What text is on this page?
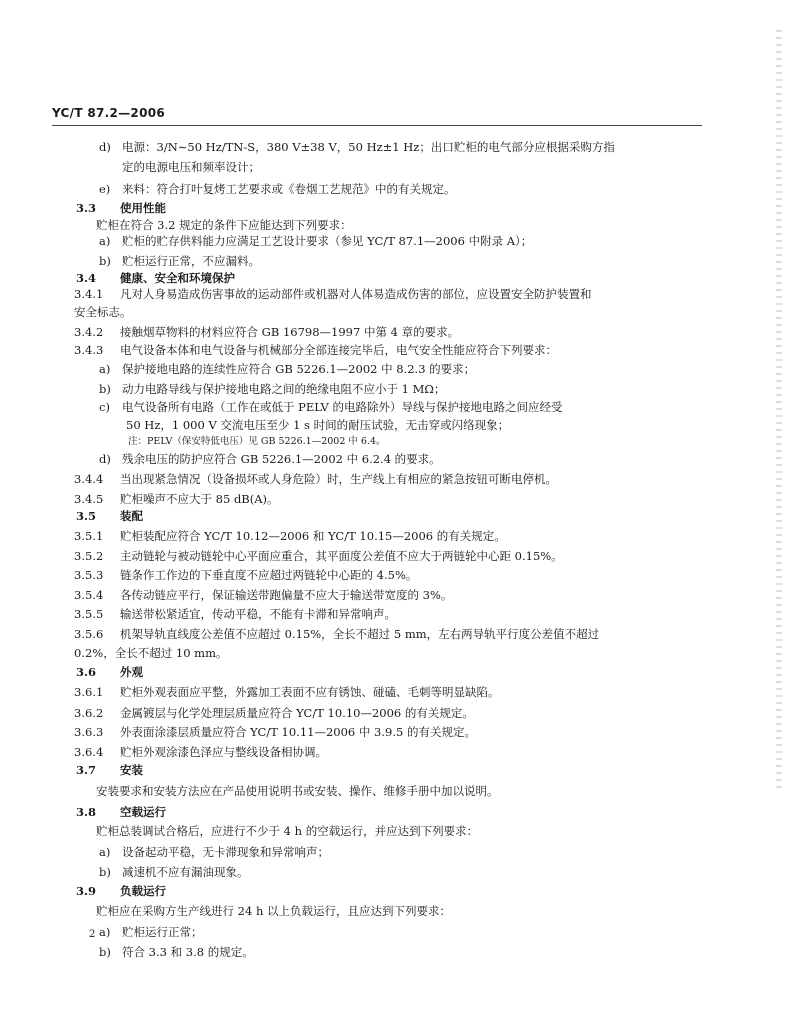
YC/T 87.2—2006
d) 电源：3/N∼50 Hz/TN-S，380 V±38 V，50 Hz±1 Hz；出口贮柜的电气部分应根据采购方指
定的电源电压和频率设计；
e) 来料：符合打叶复烤工艺要求或《卷烟工艺规范》中的有关规定。
3.3 使用性能
贮柜在符合 3.2 规定的条件下应能达到下列要求：
a) 贮柜的贮存供料能力应满足工艺设计要求（参见 YC/T 87.1—2006 中附录 A）；
b) 贮柜运行正常，不应漏料。
3.4 健康、安全和环境保护
3.4.1 凡对人身易造成伤害事故的运动部件或机器对人体易造成伤害的部位，应设置安全防护装置和
安全标志。
3.4.2 接触烟草物料的材料应符合 GB 16798—1997 中第 4 章的要求。
3.4.3 电气设备本体和电气设备与机械部分全部连接完毕后，电气安全性能应符合下列要求：
a) 保护接地电路的连续性应符合 GB 5226.1—2002 中 8.2.3 的要求；
b) 动力电路导线与保护接地电路之间的绝缘电阻不应小于 1 MΩ；
c) 电气设备所有电路（工作在或低于 PELV 的电路除外）导线与保护接地电路之间应经受
50 Hz，1 000 V 交流电压至少 1 s 时间的耐压试验，无击穿或闪络现象；
注：PELV（保安特低电压）见 GB 5226.1—2002 中 6.4。
d) 残余电压的防护应符合 GB 5226.1—2002 中 6.2.4 的要求。
3.4.4 当出现紧急情况（设备损坏或人身危险）时，生产线上有相应的紧急按钮可断电停机。
3.4.5 贮柜噪声不应大于 85 dB(A)。
3.5 装配
3.5.1 贮柜装配应符合 YC/T 10.12—2006 和 YC/T 10.15—2006 的有关规定。
3.5.2 主动链轮与被动链轮中心平面应重合，其平面度公差值不应大于两链轮中心距 0.15%。
3.5.3 链条作工作边的下垂直度不应超过两链轮中心距的 4.5%。
3.5.4 各传动链应平行，保证输送带跑偏量不应大于输送带宽度的 3%。
3.5.5 输送带松紧适宜，传动平稳，不能有卡滞和异常响声。
3.5.6 机架导轨直线度公差值不应超过 0.15%，全长不超过 5 mm，左右两导轨平行度公差值不超过
0.2%，全长不超过 10 mm。
3.6 外观
3.6.1 贮柜外观表面应平整，外露加工表面不应有锈蚀、碰磕、毛刺等明显缺陷。
3.6.2 金属镀层与化学处理层质量应符合 YC/T 10.10—2006 的有关规定。
3.6.3 外表面涂漆层质量应符合 YC/T 10.11—2006 中 3.9.5 的有关规定。
3.6.4 贮柜外观涂漆色泽应与整线设备相协调。
3.7 安装
安装要求和安装方法应在产品使用说明书或安装、操作、维修手册中加以说明。
3.8 空载运行
贮柜总装调试合格后，应进行不少于 4 h 的空载运行，并应达到下列要求：
a) 设备起动平稳，无卡滞现象和异常响声；
b) 减速机不应有漏油现象。
3.9 负载运行
贮柜应在采购方生产线进行 24 h 以上负载运行，且应达到下列要求：
a) 贮柜运行正常；
b) 符合 3.3 和 3.8 的规定。
2
